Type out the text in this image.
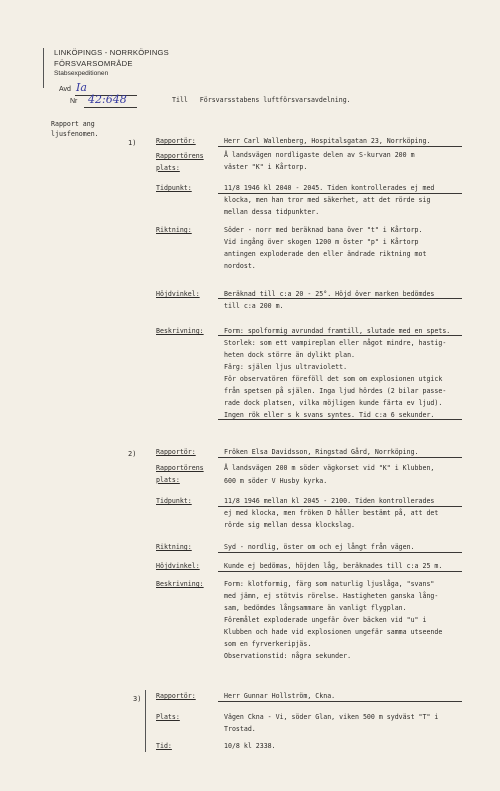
LINKÖPINGS - NORRKÖPINGS
FÖRSVARSOMRÅDE
Stabsexpeditionen
Avd Ia
Nr 42:648	Till   Försvarsstabens luftförsvarsavdelning.
Rapport ang
ljusfenomen.
1)	Rapportör:	Herr Carl Wallenberg, Hospitalsgatan 23, Norrköping.
Rapportörens
plats:
Å landsvägen nordligaste delen av S-kurvan 200 m
väster "K" i Kårtorp.
Tidpunkt:	11/8 1946 kl 2040 - 2045. Tiden kontrollerades ej med
klocka, men han tror med säkerhet, att det rörde sig
mellan dessa tidpunkter.
Riktning:	Söder - norr med beräknad bana över "t" i Kårtorp.
Vid ingång över skogen 1200 m öster "p" i Kårtorp
antingen exploderade den eller ändrade riktning mot
nordost.
Höjdvinkel:	Beräknad till c:a 20 - 25°. Höjd över marken bedömdes
till c:a 200 m.
Beskrivning:	Form: spolformig avrundad framtill, slutade med en spets.
Storlek: som ett vampireplan eller något mindre, hastig-
heten dock större än dylikt plan.
Färg: själen ljus ultraviolett.
För observatören föreföll det som om explosionen utgick
från spetsen på själen. Inga ljud hördes (2 bilar passe-
rade dock platsen, vilka möjligen kunde färta ev ljud).
Ingen rök eller s k svans syntes. Tid c:a 6 sekunder.
2)	Rapportör:	Fröken Elsa Davidsson, Ringstad Gård, Norrköping.
Rapportörens
plats:
Å landsvägen 200 m söder vägkorset vid "K" i Klubben,
600 m söder V Husby kyrka.
Tidpunkt:	11/8 1946 mellan kl 2045 - 2100. Tiden kontrollerades
ej med klocka, men fröken D håller bestämt på, att det
rörde sig mellan dessa klockslag.
Riktning:	Syd - nordlig, öster om och ej långt från vägen.
Höjdvinkel:	Kunde ej bedömas, höjden låg, beräknades till c:a 25 m.
Beskrivning:	Form: klotformig, färg som naturlig ljuslåga, "svans"
med jämn, ej stötvis rörelse. Hastigheten ganska lång-
sam, bedömdes långsammare än vanligt flygplan.
Föremålet exploderade ungefär över bäcken vid "u" i
Klubben och hade vid explosionen ungefär samma utseende
som en fyrverkeripjäs.
Observationstid: några sekunder.
3) Rapportör:	Herr Gunnar Hollström, Ckna.
Plats:	Vägen Ckna - Vi, söder Glan, viken 500 m sydväst "T" i
Trostad.
Tid:	10/8 kl 2338.
